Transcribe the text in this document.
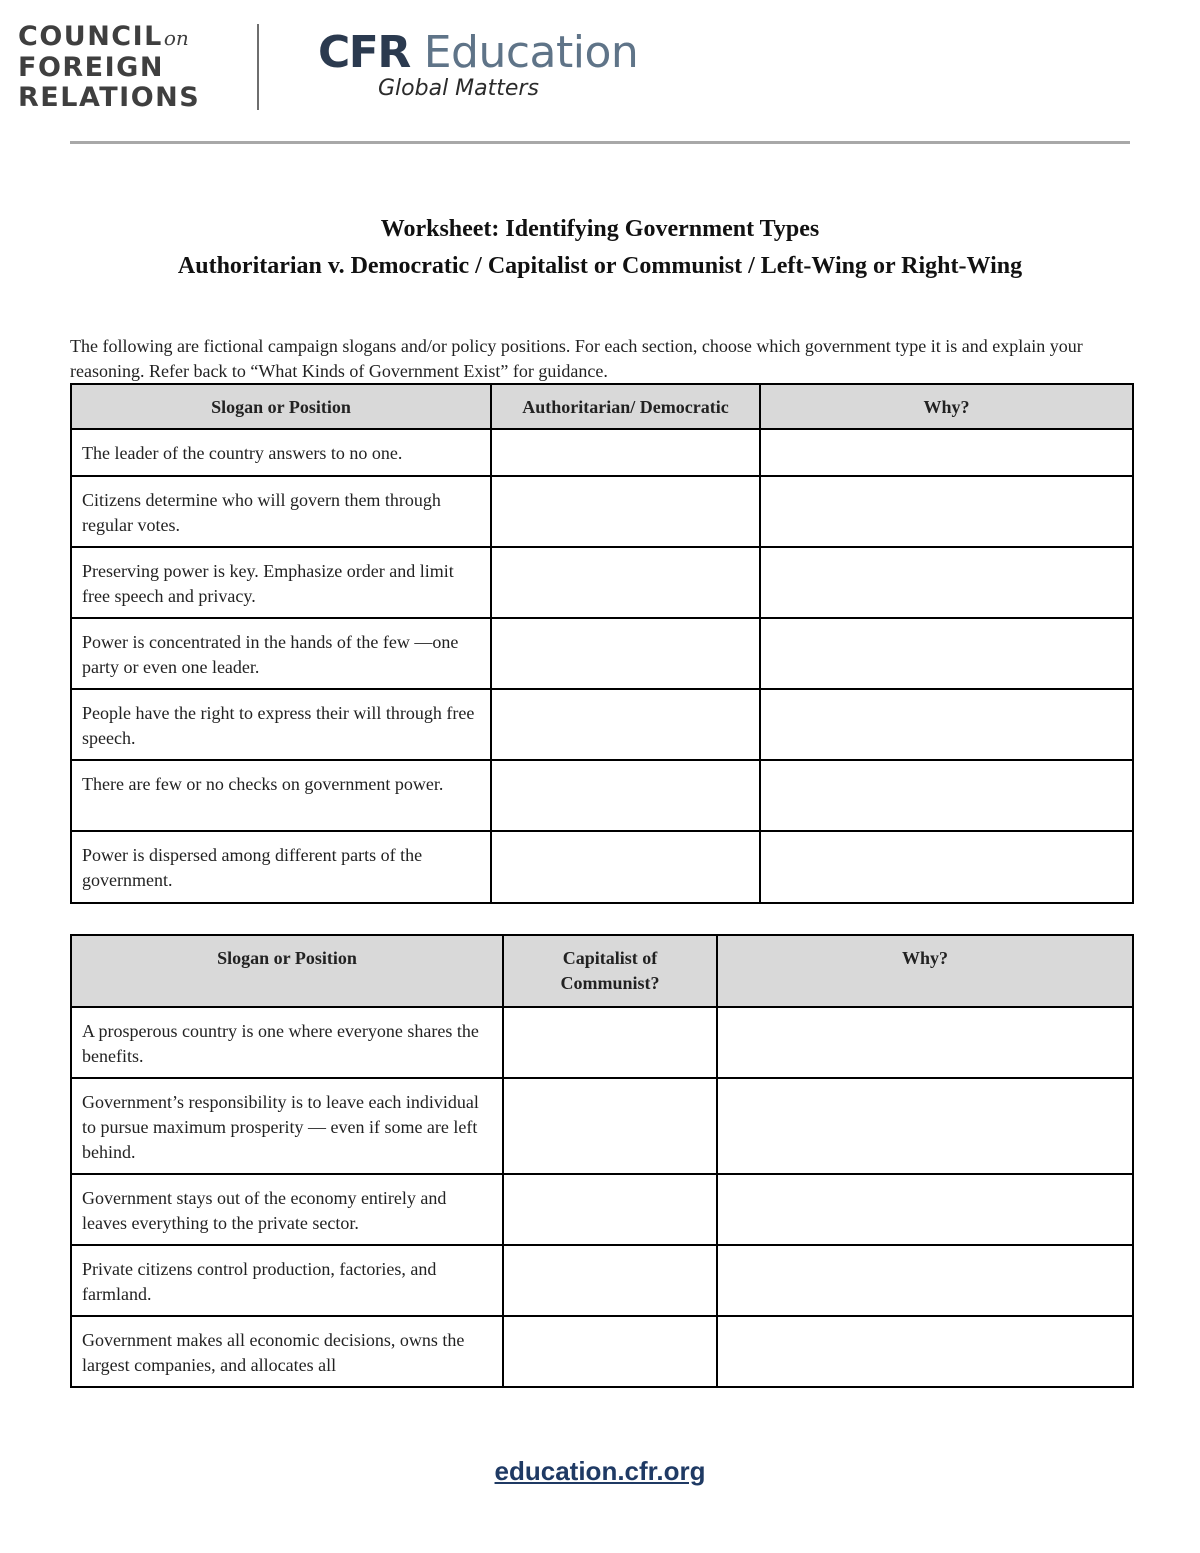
COUNCILon
FOREIGN
RELATIONS
CFR Education
Global Matters
Worksheet: Identifying Government Types
Authoritarian v. Democratic / Capitalist or Communist / Left-Wing or Right-Wing

The following are fictional campaign slogans and/or policy positions. For each section, choose which government type it is and explain your reasoning. Refer back to “What Kinds of Government Exist” for guidance.

Slogan or Position	Authoritarian/ Democratic	Why?
The leader of the country answers to no one.		
Citizens determine who will govern them through regular votes.		
Preserving power is key. Emphasize order and limit free speech and privacy.		
Power is concentrated in the hands of the few —one party or even one leader.		
People have the right to express their will through free speech.		
There are few or no checks on government power.		
Power is dispersed among different parts of the government.		
Slogan or Position	Capitalist of Communist?	Why?
A prosperous country is one where everyone shares the benefits.		
Government’s responsibility is to leave each individual to pursue maximum prosperity — even if some are left behind.		
Government stays out of the economy entirely and leaves everything to the private sector.		
Private citizens control production, factories, and farmland.		
Government makes all economic decisions, owns the largest companies, and allocates all		
education.cfr.org
